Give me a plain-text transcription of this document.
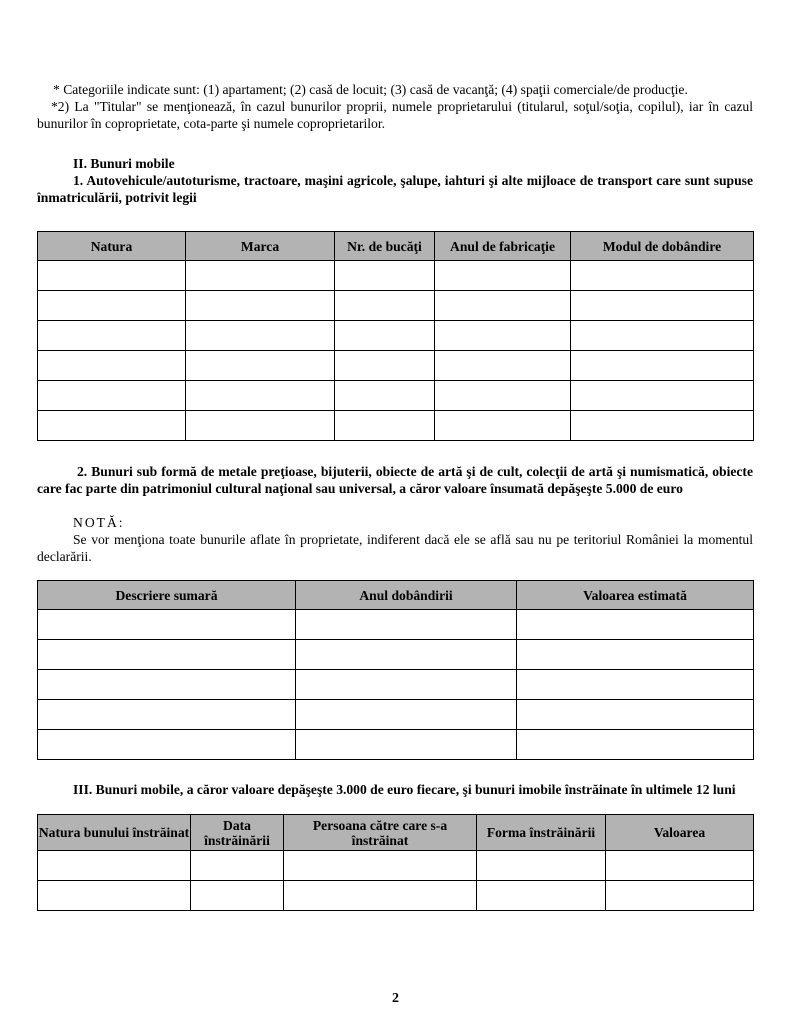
* Categoriile indicate sunt: (1) apartament; (2) casă de locuit; (3) casă de vacanţă; (4) spaţii comerciale/de producţie.

*2) La "Titular" se menţionează, în cazul bunurilor proprii, numele proprietarului (titularul, soţul/soţia, copilul), iar în cazul bunurilor în coproprietate, cota-parte şi numele coproprietarilor.

II. Bunuri mobile

1. Autovehicule/autoturisme, tractoare, maşini agricole, şalupe, iahturi şi alte mijloace de transport care sunt supuse înmatriculării, potrivit legii

Natura	Marca	Nr. de bucăţi	Anul de fabricaţie	Modul de dobândire

2. Bunuri sub formă de metale preţioase, bijuterii, obiecte de artă şi de cult, colecţii de artă şi numismatică, obiecte care fac parte din patrimoniul cultural naţional sau universal, a căror valoare însumată depăşeşte 5.000 de euro

NOTĂ:

Se vor menţiona toate bunurile aflate în proprietate, indiferent dacă ele se află sau nu pe teritoriul României la momentul declarării.

Descriere sumară	Anul dobândirii	Valoarea estimată

III. Bunuri mobile, a căror valoare depăşeşte 3.000 de euro fiecare, şi bunuri imobile înstrăinate în ultimele 12 luni

Natura bunului înstrăinat	Data înstrăinării	Persoana către care s-a înstrăinat	Forma înstrăinării	Valoarea

2
